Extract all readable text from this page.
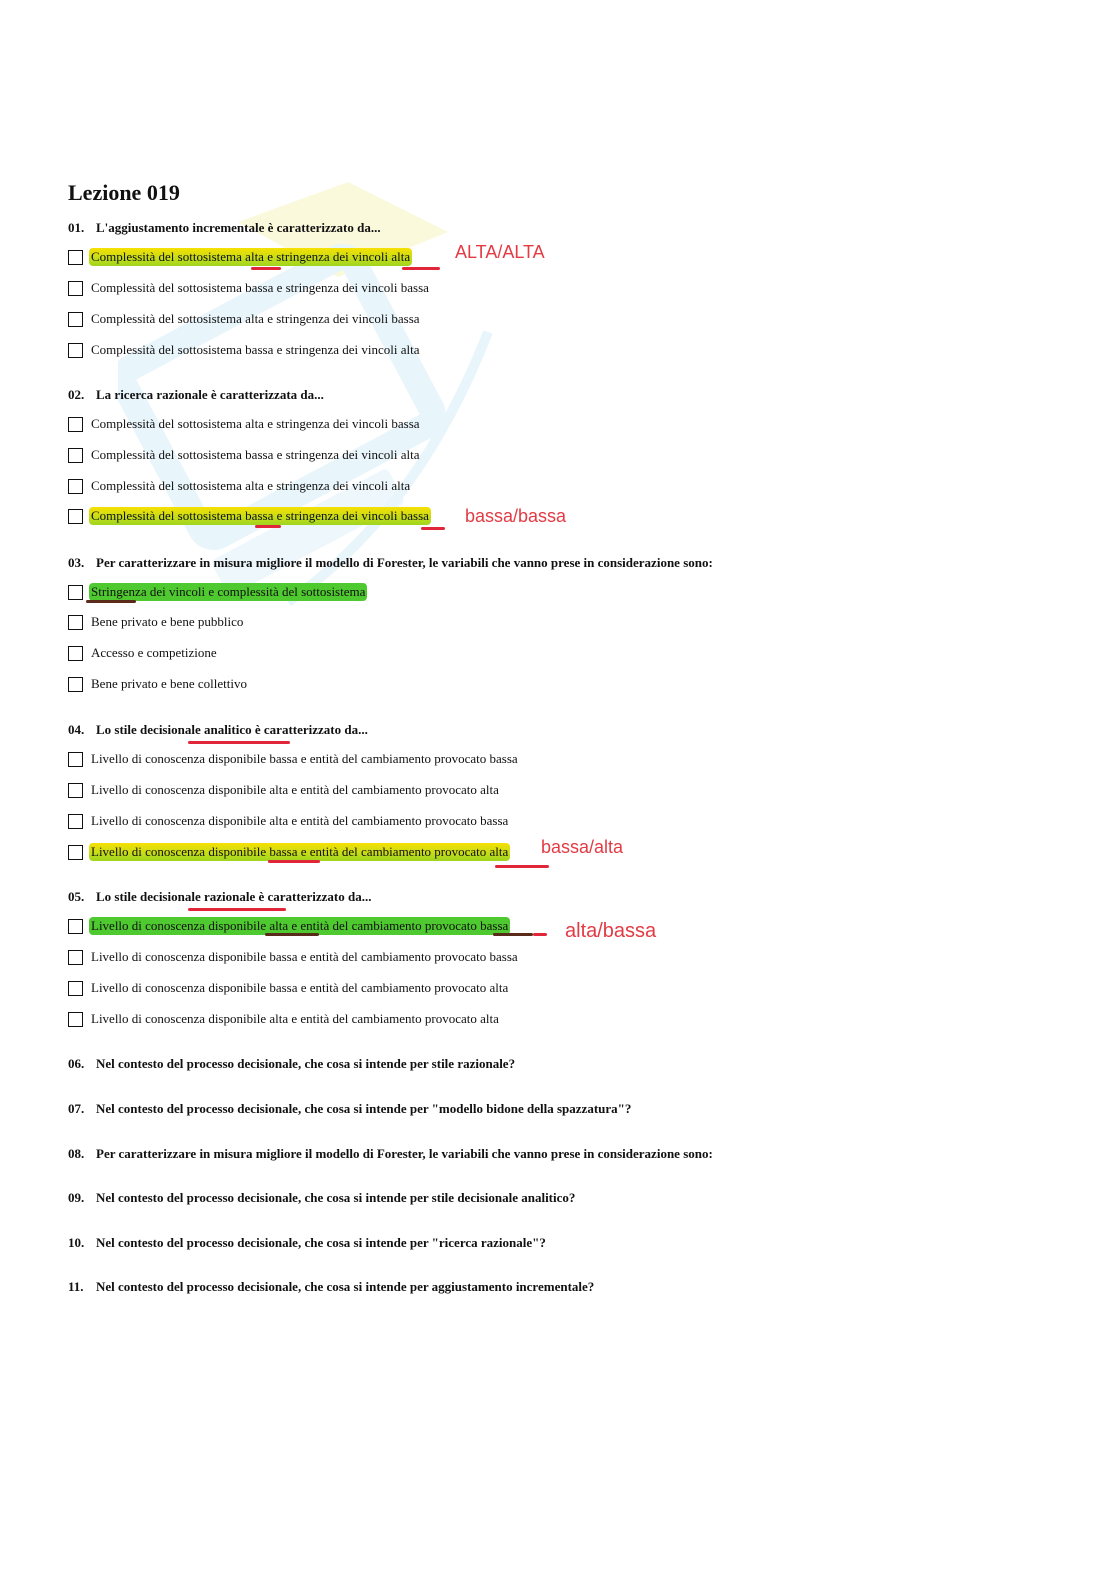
Lezione 019
01. L'aggiustamento incrementale è caratterizzato da...
Complessità del sottosistema alta e stringenza dei vincoli alta
Complessità del sottosistema bassa e stringenza dei vincoli bassa
Complessità del sottosistema alta e stringenza dei vincoli bassa
Complessità del sottosistema bassa e stringenza dei vincoli alta
ALTA/ALTA
02. La ricerca razionale è caratterizzata da...
Complessità del sottosistema alta e stringenza dei vincoli bassa
Complessità del sottosistema bassa e stringenza dei vincoli alta
Complessità del sottosistema alta e stringenza dei vincoli alta
Complessità del sottosistema bassa e stringenza dei vincoli bassa bassa/bassa
03. Per caratterizzare in misura migliore il modello di Forester, le variabili che vanno prese in considerazione sono:
Stringenza dei vincoli e complessità del sottosistema
Bene privato e bene pubblico
Accesso e competizione
Bene privato e bene collettivo
04. Lo stile decisionale analitico è caratterizzato da...
Livello di conoscenza disponibile bassa e entità del cambiamento provocato bassa
Livello di conoscenza disponibile alta e entità del cambiamento provocato alta
Livello di conoscenza disponibile alta e entità del cambiamento provocato bassa
Livello di conoscenza disponibile bassa e entità del cambiamento provocato alta bassa/alta
05. Lo stile decisionale razionale è caratterizzato da...
Livello di conoscenza disponibile alta e entità del cambiamento provocato bassa
Livello di conoscenza disponibile bassa e entità del cambiamento provocato bassa
Livello di conoscenza disponibile bassa e entità del cambiamento provocato alta
Livello di conoscenza disponibile alta e entità del cambiamento provocato alta
alta/bassa
06. Nel contesto del processo decisionale, che cosa si intende per stile razionale?
07. Nel contesto del processo decisionale, che cosa si intende per "modello bidone della spazzatura"?
08. Per caratterizzare in misura migliore il modello di Forester, le variabili che vanno prese in considerazione sono:
09. Nel contesto del processo decisionale, che cosa si intende per stile decisionale analitico?
10. Nel contesto del processo decisionale, che cosa si intende per "ricerca razionale"?
11. Nel contesto del processo decisionale, che cosa si intende per aggiustamento incrementale?
